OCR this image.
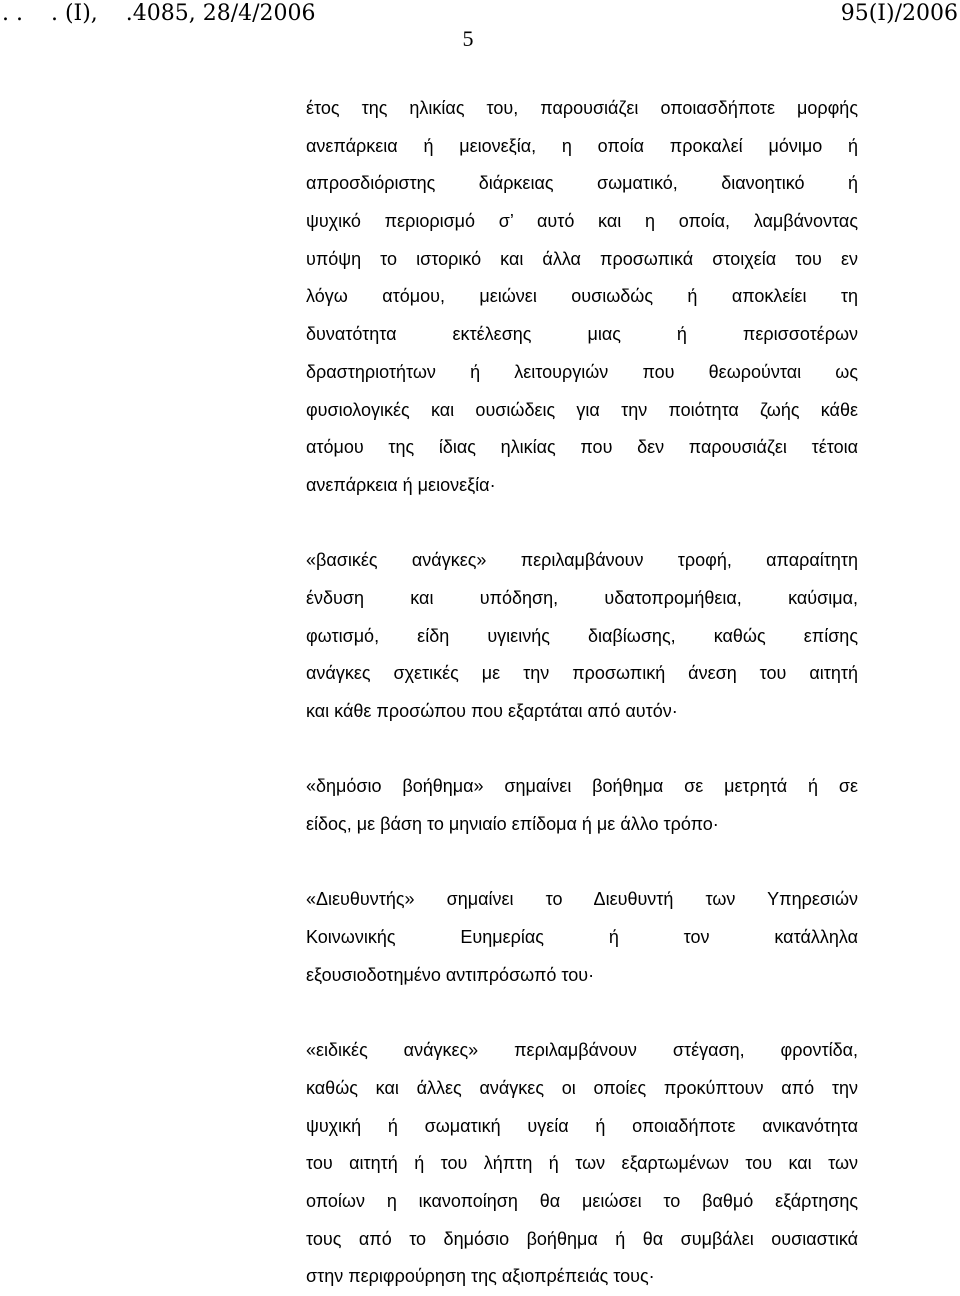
. .    . (Ι),    .4085, 28/4/2006	95(Ι)/2006
5
έτος της ηλικίας του, παρουσιάζει οποιασδήποτε μορφής
ανεπάρκεια ή μειονεξία, η οποία προκαλεί μόνιμο ή
απροσδιόριστης διάρκειας σωματικό, διανοητικό ή
ψυχικό περιορισμό σ’ αυτό και η οποία, λαμβάνοντας
υπόψη το ιστορικό και άλλα προσωπικά στοιχεία του εν
λόγω ατόμου, μειώνει ουσιωδώς ή αποκλείει τη
δυνατότητα εκτέλεσης μιας ή περισσοτέρων
δραστηριοτήτων ή λειτουργιών που θεωρούνται ως
φυσιολογικές και ουσιώδεις για την ποιότητα ζωής κάθε
ατόμου της ίδιας ηλικίας που δεν παρουσιάζει τέτοια
ανεπάρκεια ή μειονεξία·
«βασικές ανάγκες» περιλαμβάνουν τροφή, απαραίτητη
ένδυση και υπόδηση, υδατοπρομήθεια, καύσιμα,
φωτισμό, είδη υγιεινής διαβίωσης, καθώς επίσης
ανάγκες σχετικές με την προσωπική άνεση του αιτητή
και κάθε προσώπου που εξαρτάται από αυτόν·
«δημόσιο βοήθημα» σημαίνει βοήθημα σε μετρητά ή σε
είδος, με βάση το μηνιαίο επίδομα ή με άλλο τρόπο·
«Διευθυντής» σημαίνει το Διευθυντή των Υπηρεσιών
Κοινωνικής Ευημερίας ή τον κατάλληλα
εξουσιοδοτημένο αντιπρόσωπό του·
«ειδικές ανάγκες» περιλαμβάνουν στέγαση, φροντίδα,
καθώς και άλλες ανάγκες οι οποίες προκύπτουν από την
ψυχική ή σωματική υγεία ή οποιαδήποτε ανικανότητα
του αιτητή ή του λήπτη ή των εξαρτωμένων του και των
οποίων η ικανοποίηση θα μειώσει το βαθμό εξάρτησης
τους από το δημόσιο βοήθημα ή θα συμβάλει ουσιαστικά
στην περιφρούρηση της αξιοπρέπειάς τους·
